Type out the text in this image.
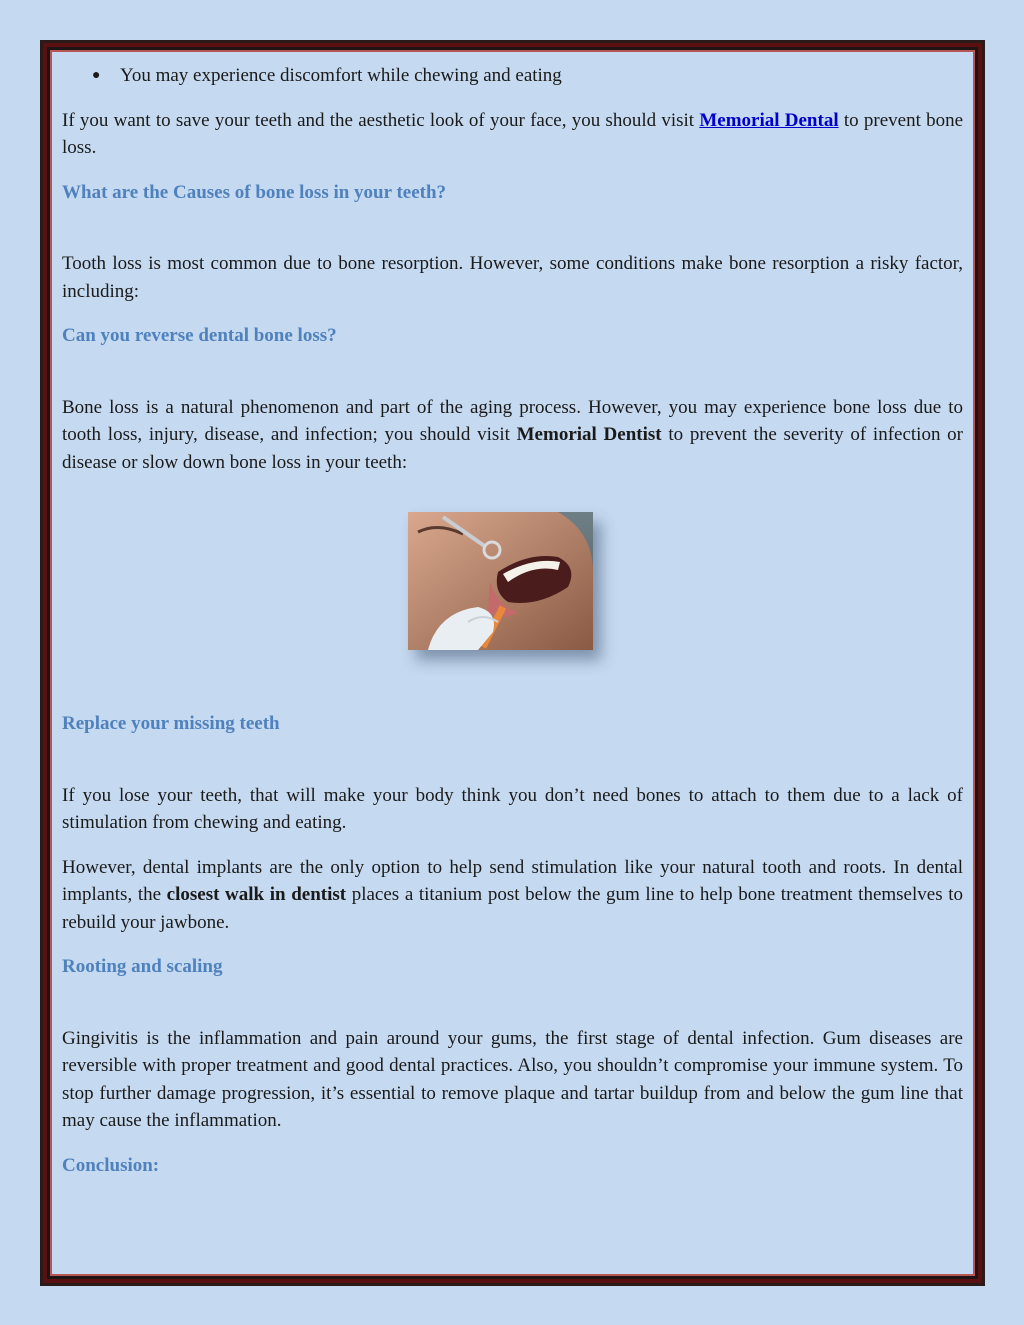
●	You may experience discomfort while chewing and eating

If you want to save your teeth and the aesthetic look of your face, you should visit Memorial Dental to prevent bone loss.

What are the Causes of bone loss in your teeth?

Tooth loss is most common due to bone resorption. However, some conditions make bone resorption a risky factor, including:

Can you reverse dental bone loss?

Bone loss is a natural phenomenon and part of the aging process. However, you may experience bone loss due to tooth loss, injury, disease, and infection; you should visit Memorial Dentist to prevent the severity of infection or disease or slow down bone loss in your teeth:

Replace your missing teeth

If you lose your teeth, that will make your body think you don’t need bones to attach to them due to a lack of stimulation from chewing and eating.

However, dental implants are the only option to help send stimulation like your natural tooth and roots. In dental implants, the closest walk in dentist places a titanium post below the gum line to help bone treatment themselves to rebuild your jawbone.

Rooting and scaling

Gingivitis is the inflammation and pain around your gums, the first stage of dental infection. Gum diseases are reversible with proper treatment and good dental practices. Also, you shouldn’t compromise your immune system. To stop further damage progression, it’s essential to remove plaque and tartar buildup from and below the gum line that may cause the inflammation.

Conclusion:
